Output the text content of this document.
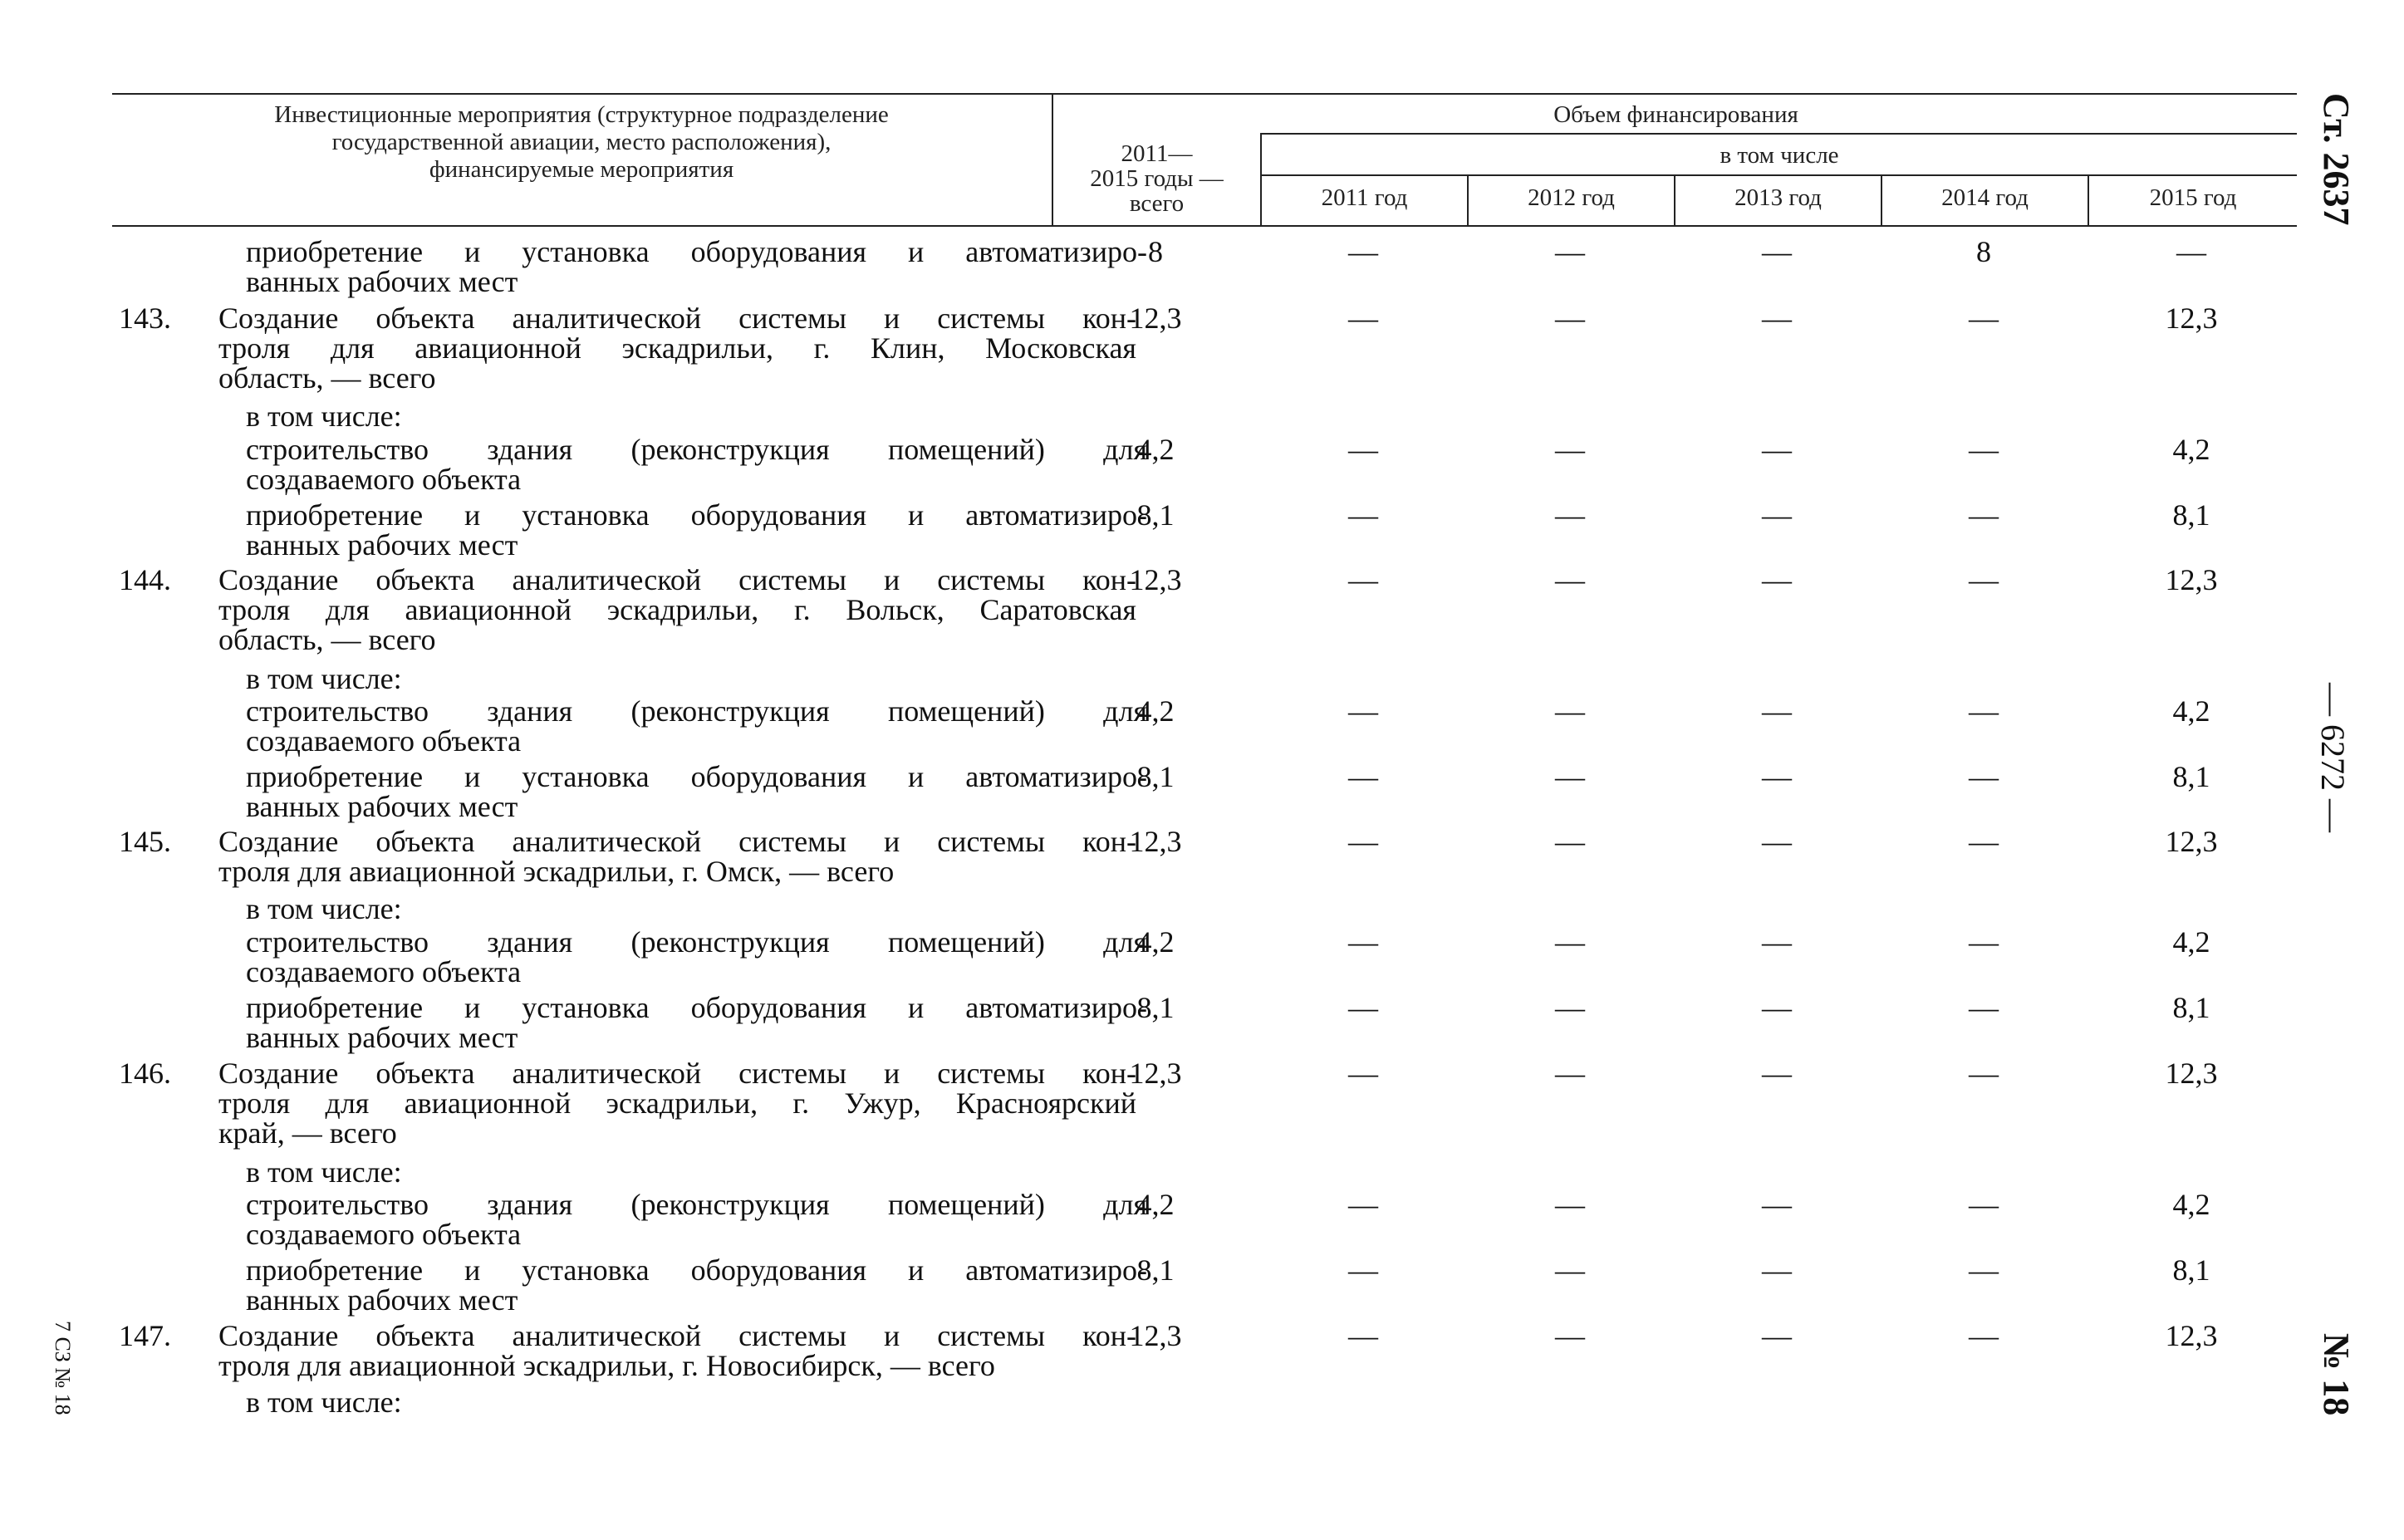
Инвестиционные мероприятия (структурное подразделение
государственной авиации, место расположения),
финансируемые мероприятия
Объем финансирования
2011—
2015 годы —
всего
в том числе
2011 год	2012 год	2013 год	2014 год	2015 год
приобретение и установка оборудования и автоматизиро-
ванных рабочих мест
8	—	—	—	8	—
143. Создание объекта аналитической системы и системы кон-
троля для авиационной эскадрильи, г. Клин, Московская
область, — всего
12,3	—	—	—	—	12,3
в том числе:
строительство здания (реконструкция помещений) для
создаваемого объекта
4,2	—	—	—	—	4,2
приобретение и установка оборудования и автоматизиро-
ванных рабочих мест
8,1	—	—	—	—	8,1
144. Создание объекта аналитической системы и системы кон-
троля для авиационной эскадрильи, г. Вольск, Саратовская
область, — всего
12,3	—	—	—	—	12,3
в том числе:
строительство здания (реконструкция помещений) для
создаваемого объекта
4,2	—	—	—	—	4,2
приобретение и установка оборудования и автоматизиро-
ванных рабочих мест
8,1	—	—	—	—	8,1
145. Создание объекта аналитической системы и системы кон-
троля для авиационной эскадрильи, г. Омск, — всего
12,3	—	—	—	—	12,3
в том числе:
строительство здания (реконструкция помещений) для
создаваемого объекта
4,2	—	—	—	—	4,2
приобретение и установка оборудования и автоматизиро-
ванных рабочих мест
8,1	—	—	—	—	8,1
146. Создание объекта аналитической системы и системы кон-
троля для авиационной эскадрильи, г. Ужур, Красноярский
край, — всего
12,3	—	—	—	—	12,3
в том числе:
строительство здания (реконструкция помещений) для
создаваемого объекта
4,2	—	—	—	—	4,2
приобретение и установка оборудования и автоматизиро-
ванных рабочих мест
8,1	—	—	—	—	8,1
147. Создание объекта аналитической системы и системы кон-
троля для авиационной эскадрильи, г. Новосибирск, — всего
12,3	—	—	—	—	12,3
в том числе:
Ст. 2637
— 6272 —
№ 18
7 СЗ № 18
